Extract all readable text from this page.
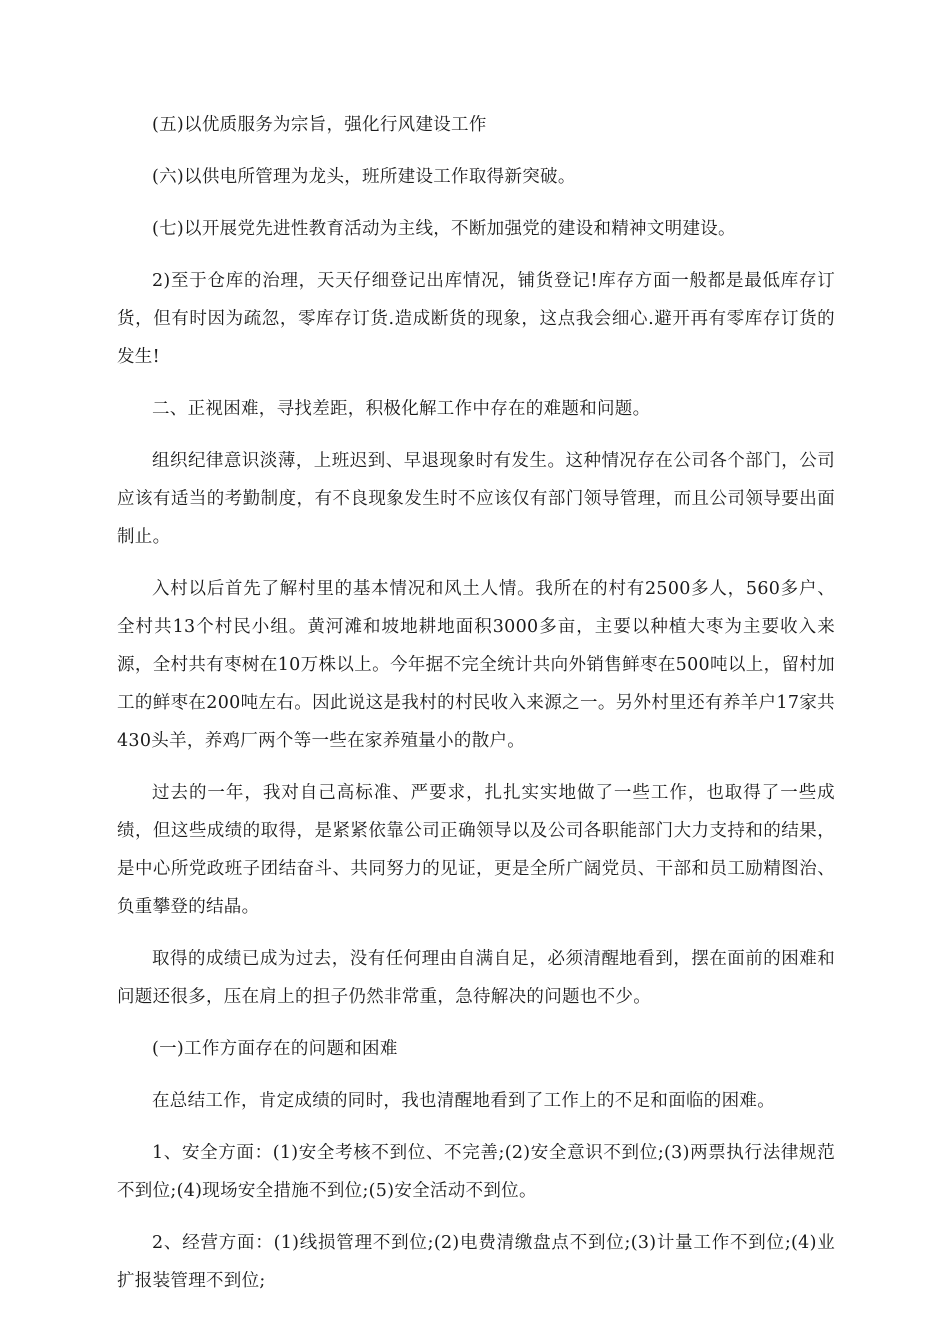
(五)以优质服务为宗旨，强化行风建设工作

(六)以供电所管理为龙头，班所建设工作取得新突破。

(七)以开展党先进性教育活动为主线，不断加强党的建设和精神文明建设。

2)至于仓库的治理，天天仔细登记出库情况，铺货登记!库存方面一般都是最低库存订货，但有时因为疏忽，零库存订货.造成断货的现象，这点我会细心.避开再有零库存订货的发生!

二、正视困难，寻找差距，积极化解工作中存在的难题和问题。

组织纪律意识淡薄，上班迟到、早退现象时有发生。这种情况存在公司各个部门，公司应该有适当的考勤制度，有不良现象发生时不应该仅有部门领导管理，而且公司领导要出面制止。

入村以后首先了解村里的基本情况和风土人情。我所在的村有2500多人，560多户、全村共13个村民小组。黄河滩和坡地耕地面积3000多亩，主要以种植大枣为主要收入来源，全村共有枣树在10万株以上。今年据不完全统计共向外销售鲜枣在500吨以上，留村加工的鲜枣在200吨左右。因此说这是我村的村民收入来源之一。另外村里还有养羊户17家共430头羊，养鸡厂两个等一些在家养殖量小的散户。

过去的一年，我对自己高标准、严要求，扎扎实实地做了一些工作，也取得了一些成绩，但这些成绩的取得，是紧紧依靠公司正确领导以及公司各职能部门大力支持和的结果，是中心所党政班子团结奋斗、共同努力的见证，更是全所广阔党员、干部和员工励精图治、负重攀登的结晶。

取得的成绩已成为过去，没有任何理由自满自足，必须清醒地看到，摆在面前的困难和问题还很多，压在肩上的担子仍然非常重，急待解决的问题也不少。

(一)工作方面存在的问题和困难

在总结工作，肯定成绩的同时，我也清醒地看到了工作上的不足和面临的困难。

1、安全方面：(1)安全考核不到位、不完善;(2)安全意识不到位;(3)两票执行法律规范不到位;(4)现场安全措施不到位;(5)安全活动不到位。

2、经营方面：(1)线损管理不到位;(2)电费清缴盘点不到位;(3)计量工作不到位;(4)业扩报装管理不到位;
